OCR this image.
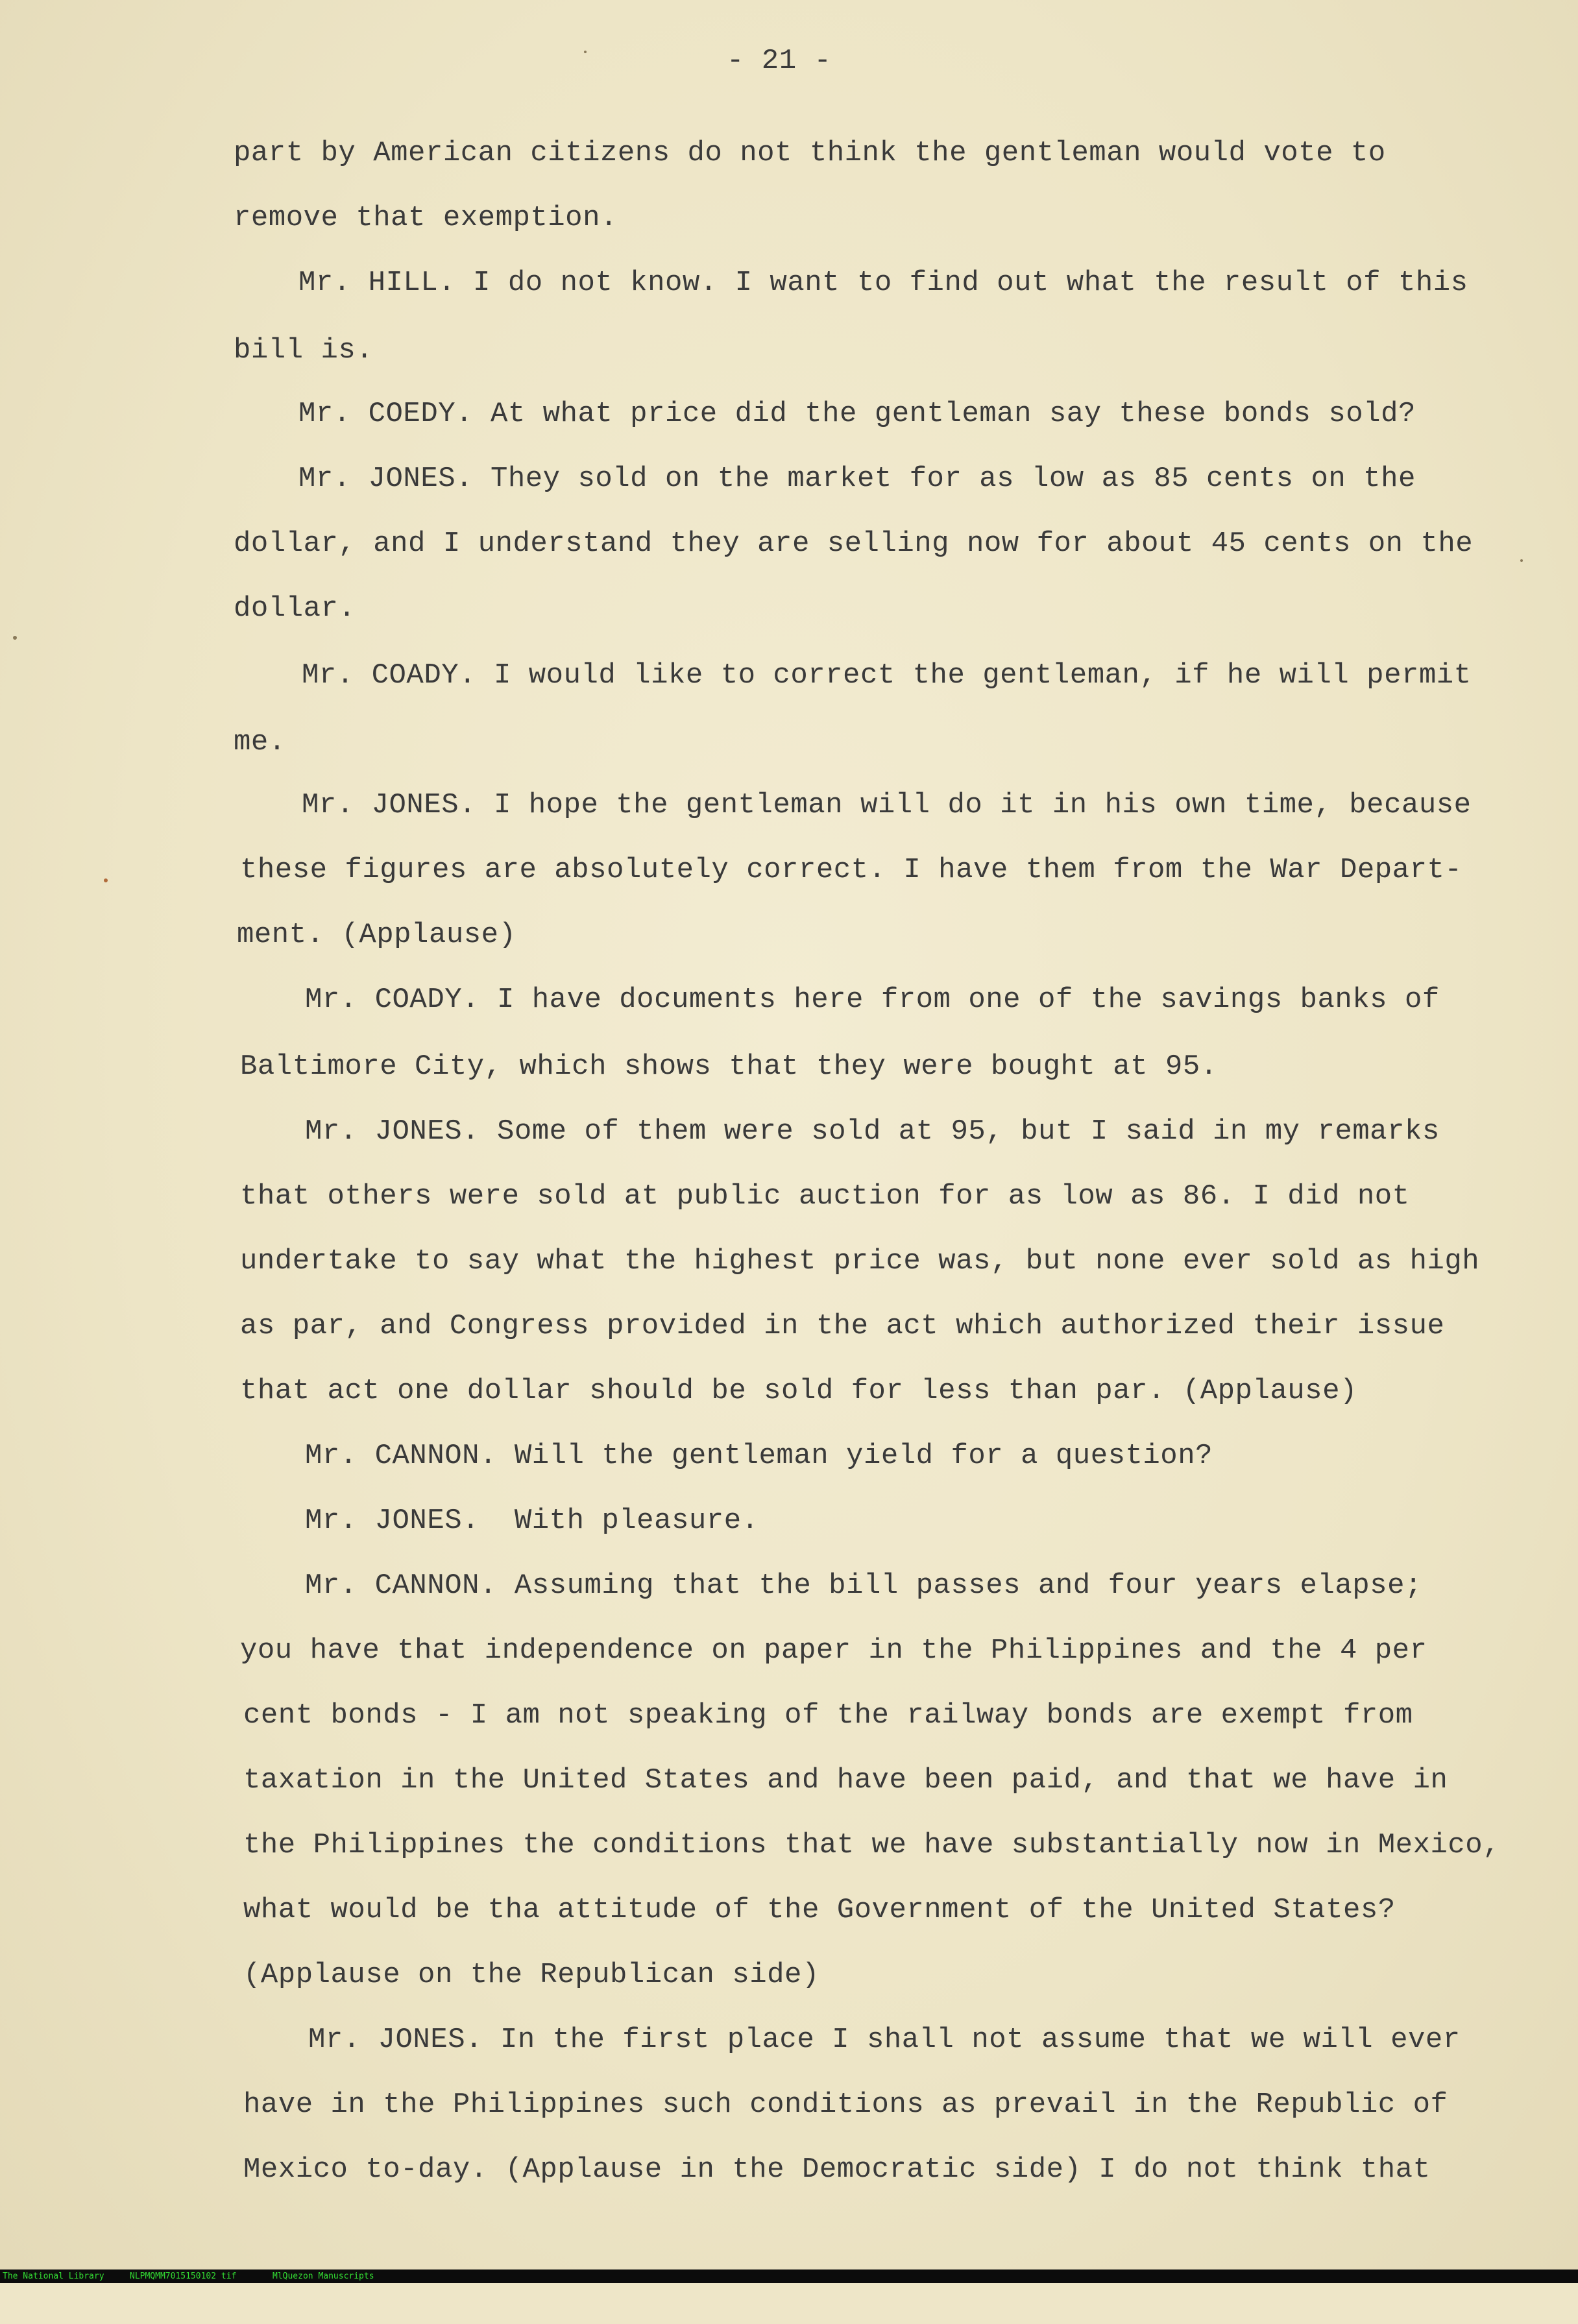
- 21 -
part by American citizens do not think the gentleman would vote to
remove that exemption.
Mr. HILL. I do not know. I want to find out what the result of this
bill is.
Mr. COEDY. At what price did the gentleman say these bonds sold?
Mr. JONES. They sold on the market for as low as 85 cents on the
dollar, and I understand they are selling now for about 45 cents on the
dollar.
Mr. COADY. I would like to correct the gentleman, if he will permit
me.
Mr. JONES. I hope the gentleman will do it in his own time, because
these figures are absolutely correct. I have them from the War Depart-
ment. (Applause)
Mr. COADY. I have documents here from one of the savings banks of
Baltimore City, which shows that they were bought at 95.
Mr. JONES. Some of them were sold at 95, but I said in my remarks
that others were sold at public auction for as low as 86. I did not
undertake to say what the highest price was, but none ever sold as high
as par, and Congress provided in the act which authorized their issue
that act one dollar should be sold for less than par. (Applause)
Mr. CANNON. Will the gentleman yield for a question?
Mr. JONES.  With pleasure.
Mr. CANNON. Assuming that the bill passes and four years elapse;
you have that independence on paper in the Philippines and the 4 per
cent bonds - I am not speaking of the railway bonds are exempt from
taxation in the United States and have been paid, and that we have in
the Philippines the conditions that we have substantially now in Mexico,
what would be tha attitude of the Government of the United States?
(Applause on the Republican side)
Mr. JONES. In the first place I shall not assume that we will ever
have in the Philippines such conditions as prevail in the Republic of
Mexico to-day. (Applause in the Democratic side) I do not think that

The National Library

	NLPMQMM7015150102 tif

	MlQuezon Manuscripts
